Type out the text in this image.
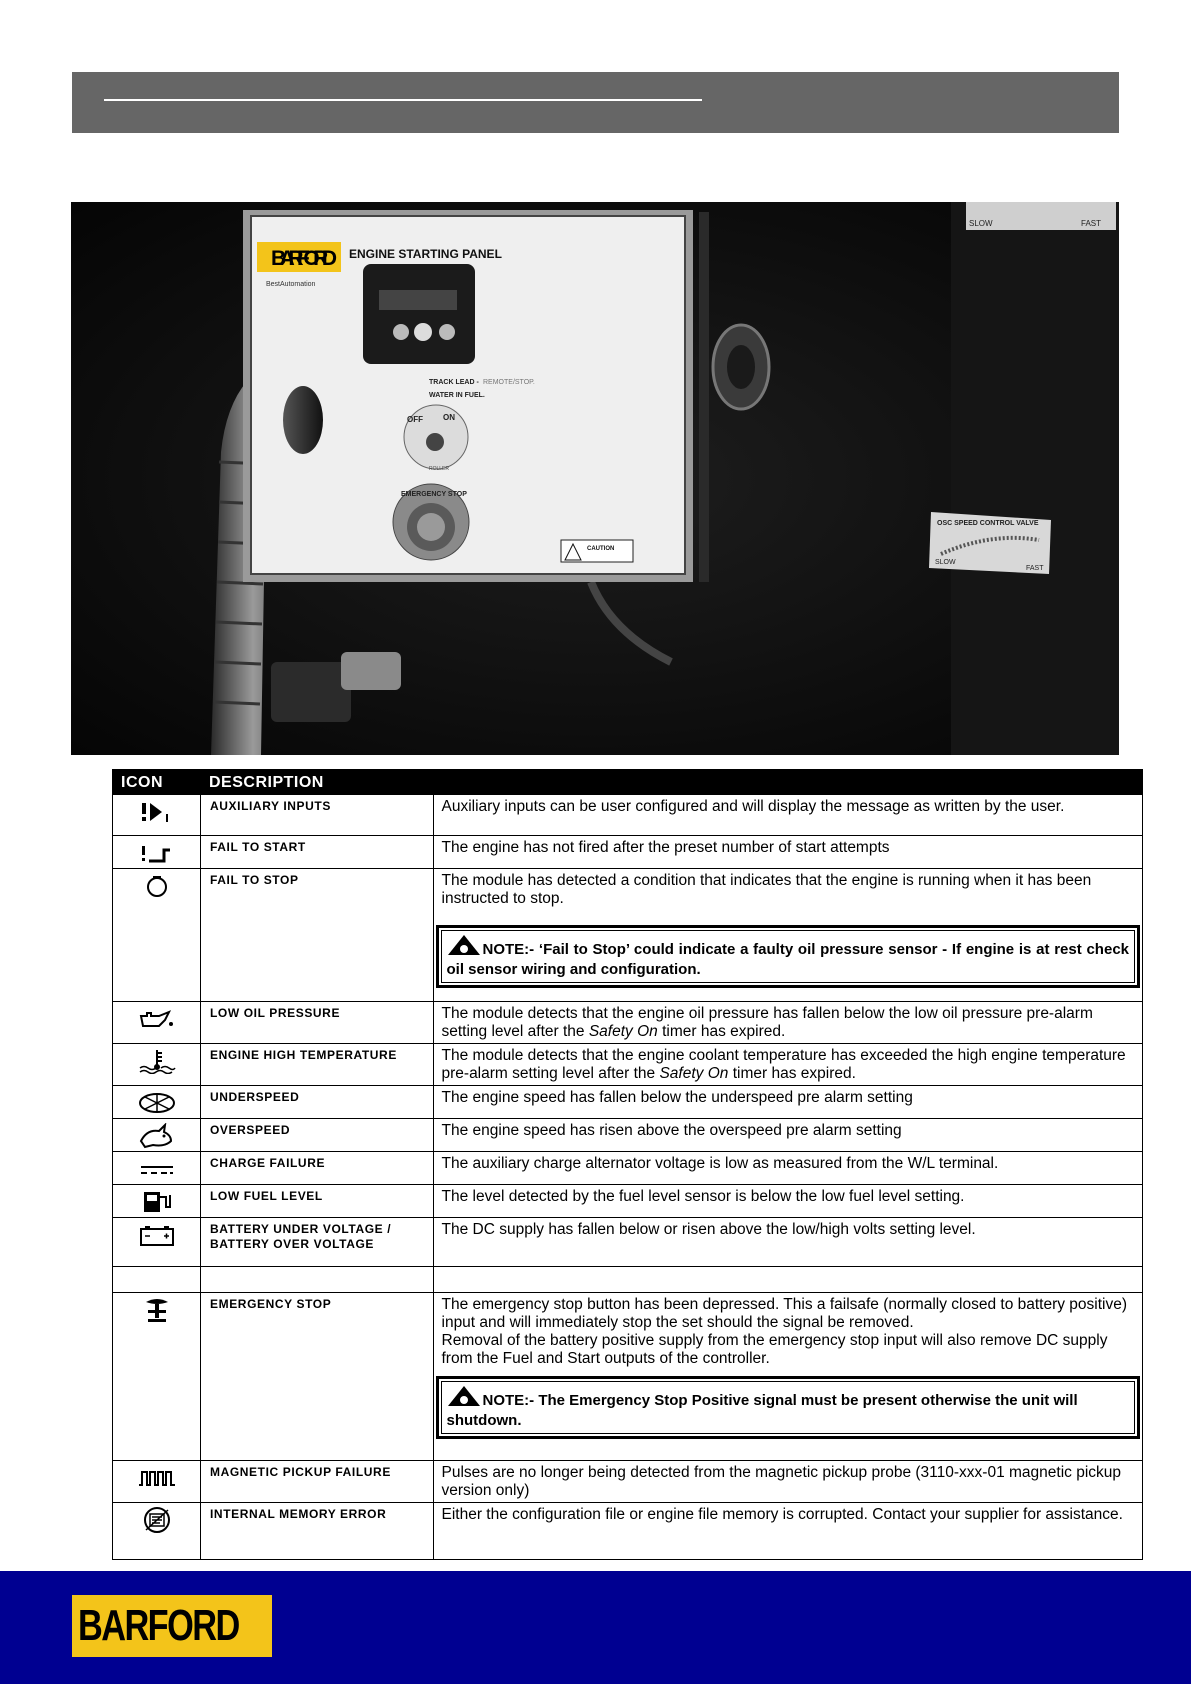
SLOW	FAST
OSC SPEED CONTROL VALVE
SLOW
FAST
BARFORD ENGINE STARTING PANEL
BestAutomation
TRACK LEAD - REMOTE/STOP.
WATER IN FUEL.
OFF	ON
ROLLER
EMERGENCY STOP
CAUTION
ICON	DESCRIPTION	

AUXILIARY INPUTS	Auxiliary inputs can be user configured and will display the message as written by the user.

FAIL TO START	The engine has not fired after the preset number of start attempts

FAIL TO STOP	The module has detected a condition that indicates that the engine is running when it has been instructed to stop.
NOTE:- ‘Fail to Stop’ could indicate a faulty oil pressure sensor - If engine is at rest check oil sensor wiring and configuration.

LOW OIL PRESSURE	The module detects that the engine oil pressure has fallen below the low oil pressure pre-alarm setting level after the Safety On timer has expired.

ENGINE HIGH TEMPERATURE	The module detects that the engine coolant temperature has exceeded the high engine temperature pre-alarm setting level after the Safety On timer has expired.

UNDERSPEED	The engine speed has fallen below the underspeed pre alarm setting

OVERSPEED	The engine speed has risen above the overspeed pre alarm setting

CHARGE FAILURE	The auxiliary charge alternator voltage is low as measured from the W/L terminal.

LOW FUEL LEVEL	The level detected by the fuel level sensor is below the low fuel level setting.

BATTERY UNDER VOLTAGE / BATTERY OVER VOLTAGE	The DC supply has fallen below or risen above the low/high volts setting level.

EMERGENCY STOP	The emergency stop button has been depressed. This a failsafe (normally closed to battery positive) input and will immediately stop the set should the signal be removed.
Removal of the battery positive supply from the emergency stop input will also remove DC supply from the Fuel and Start outputs of the controller.
NOTE:- The Emergency Stop Positive signal must be present otherwise the unit will shutdown.

MAGNETIC PICKUP FAILURE	Pulses are no longer being detected from the magnetic pickup probe (3110-xxx-01 magnetic pickup version only)

INTERNAL MEMORY ERROR	Either the configuration file or engine file memory is corrupted. Contact your supplier for assistance.
BARFORD
